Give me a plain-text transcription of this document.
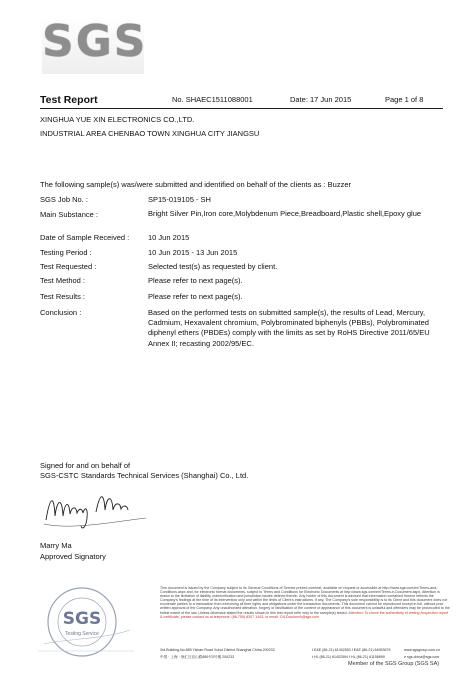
SGS
Test Report	No. SHAEC1511088001	Date: 17 Jun 2015	Page 1 of 8
XINGHUA YUE XIN ELECTRONICS CO.,LTD.
INDUSTRIAL AREA CHENBAO TOWN XINGHUA CITY JIANGSU
The following sample(s) was/were submitted and identified on behalf of the clients as : Buzzer
SGS Job No. :	SP15-019105 - SH
Main Substance :	Bright Silver Pin,Iron core,Molybdenum Piece,Breadboard,Plastic shell,Epoxy glue
Date of Sample Received :	10 Jun 2015
Testing Period :	10 Jun 2015 - 13 Jun 2015
Test Requested :	Selected test(s) as requested by client.
Test Method :	Please refer to next page(s).
Test Results :	Please refer to next page(s).
Conclusion :	Based on the performed tests on submitted sample(s), the results of Lead, Mercury, Cadmium, Hexavalent chromium, Polybrominated biphenyls (PBBs), Polybrominated diphenyl ethers (PBDEs) comply with the limits as set by RoHS Directive 2011/65/EU Annex II; recasting 2002/95/EC.
Signed for and on behalf of
SGS-CSTC Standards Technical Services (Shanghai) Co., Ltd.
Marry Ma
Approved Signatory
SGS
Testing Service
This document is issued by the Company subject to its General Conditions of Service printed overleaf, available on request or accessible at http://www.sgs.com/en/Terms-and-Conditions.aspx and, for electronic format documents, subject to Terms and Conditions for Electronic Documents at http://www.sgs.com/en/Terms-e-Document.aspx. Attention is drawn to the limitation of liability, indemnification and jurisdiction issues defined therein. Any holder of this document is advised that information contained hereon reflects the Company's findings at the time of its intervention only and within the limits of Client's instructions, if any. The Company's sole responsibility is to its Client and this document does not exonerate parties to a transaction from exercising all their rights and obligations under the transaction documents. This document cannot be reproduced except in full, without prior written approval of the Company. Any unauthorized alteration, forgery or falsification of the content or appearance of this document is unlawful and offenders may be prosecuted to the fullest extent of the law. Unless otherwise stated the results shown in this test report refer only to the sample(s) tested. Attention: To check the authenticity of testing /inspection report & certificate, please contact us at telephone: (86-755) 8307 1443, or email: CN.Doccheck@sgs.com
3rd Building,No.889 Yishan Road Xuhui District,Shanghai China 200233
中国 · 上海 · 徐汇区宜山路889号3号楼 200233
t E&E (86-21) 61402553 f E&E (86-21) 64953679
t HL (86-21) 61402594 f HL (86-21) 61156899
www.sgsgroup.com.cn
e sgs.china@sgs.com
Member of the SGS Group (SGS SA)
